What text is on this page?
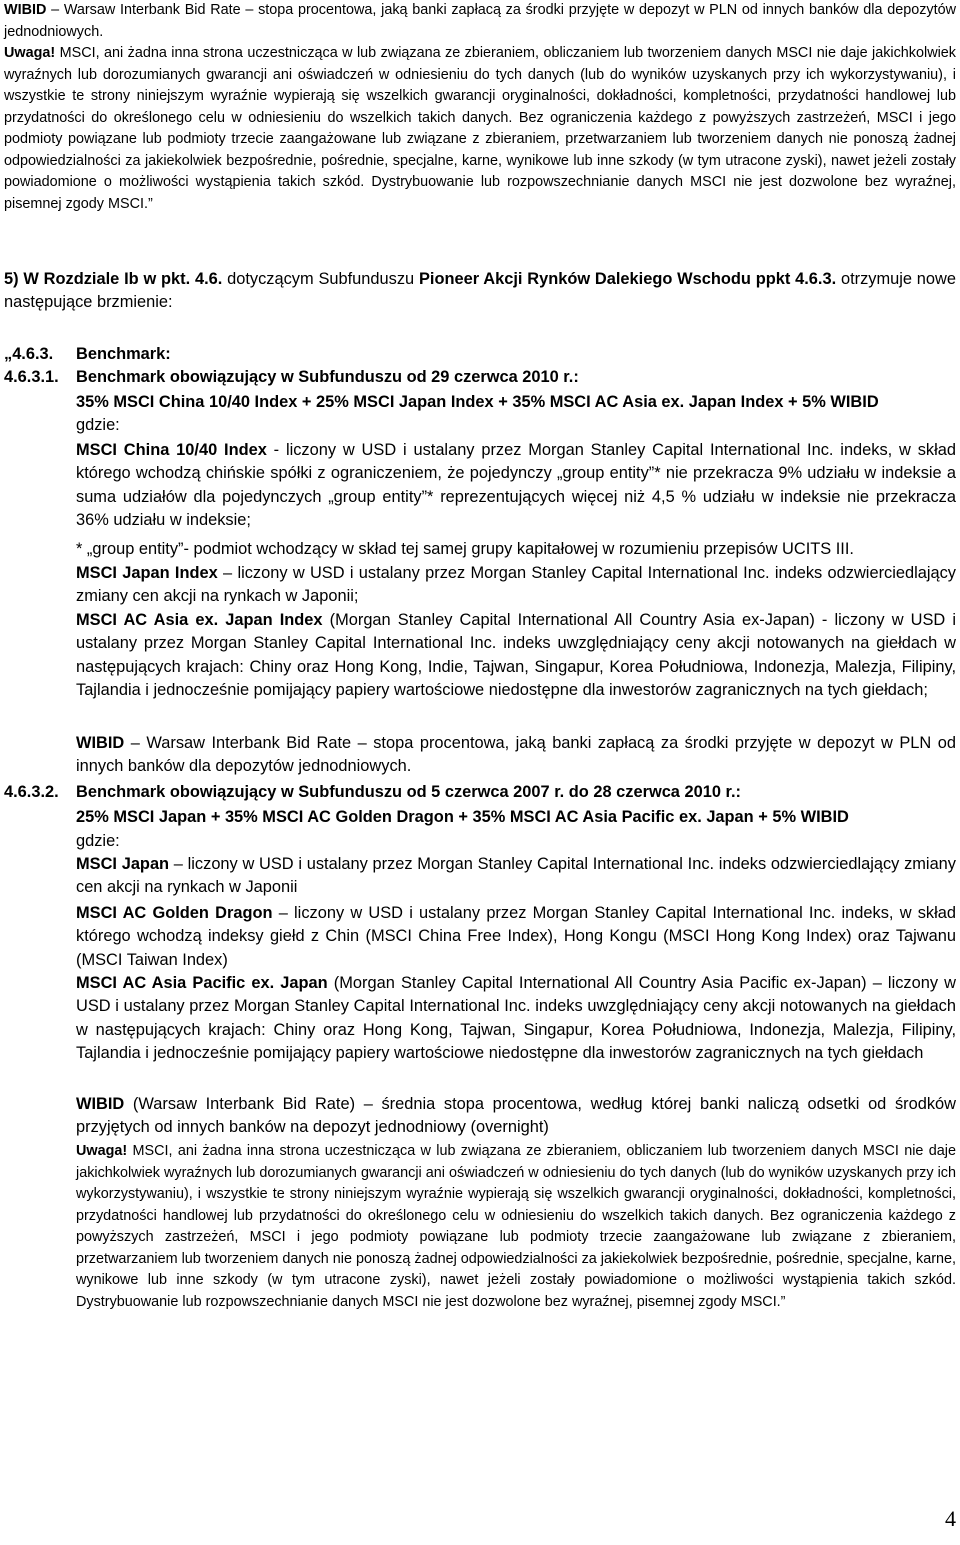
WIBID – Warsaw Interbank Bid Rate – stopa procentowa, jaką banki zapłacą za środki przyjęte w depozyt w PLN od innych banków dla depozytów jednodniowych.
Uwaga! MSCI, ani żadna inna strona uczestnicząca w lub związana ze zbieraniem, obliczaniem lub tworzeniem danych MSCI nie daje jakichkolwiek wyraźnych lub dorozumianych gwarancji ani oświadczeń w odniesieniu do tych danych (lub do wyników uzyskanych przy ich wykorzystywaniu), i wszystkie te strony niniejszym wyraźnie wypierają się wszelkich gwarancji oryginalności, dokładności, kompletności, przydatności handlowej lub przydatności do określonego celu w odniesieniu do wszelkich takich danych. Bez ograniczenia każdego z powyższych zastrzeżeń, MSCI i jego podmioty powiązane lub podmioty trzecie zaangażowane lub związane z zbieraniem, przetwarzaniem lub tworzeniem danych nie ponoszą żadnej odpowiedzialności za jakiekolwiek bezpośrednie, pośrednie, specjalne, karne, wynikowe lub inne szkody (w tym utracone zyski), nawet jeżeli zostały powiadomione o możliwości wystąpienia takich szkód. Dystrybuowanie lub rozpowszechnianie danych MSCI nie jest dozwolone bez wyraźnej, pisemnej zgody MSCI.”
5) W Rozdziale Ib w pkt. 4.6. dotyczącym Subfunduszu Pioneer Akcji Rynków Dalekiego Wschodu ppkt 4.6.3. otrzymuje nowe następujące brzmienie:
„4.6.3. Benchmark:
4.6.3.1. Benchmark obowiązujący w Subfunduszu od 29 czerwca 2010 r.:
35% MSCI China 10/40 Index + 25% MSCI Japan Index + 35% MSCI AC Asia ex. Japan Index + 5% WIBID
gdzie:
MSCI China 10/40 Index - liczony w USD i ustalany przez Morgan Stanley Capital International Inc. indeks, w skład którego wchodzą chińskie spółki z ograniczeniem, że pojedynczy „group entity”* nie przekracza 9% udziału w indeksie a suma udziałów dla pojedynczych „group entity”* reprezentujących więcej niż 4,5 % udziału w indeksie nie przekracza 36% udziału w indeksie;
* „group entity”- podmiot wchodzący w skład tej samej grupy kapitałowej w rozumieniu przepisów UCITS III.
MSCI Japan Index – liczony w USD i ustalany przez Morgan Stanley Capital International Inc. indeks odzwierciedlający zmiany cen akcji na rynkach w Japonii;
MSCI AC Asia ex. Japan Index (Morgan Stanley Capital International All Country Asia ex-Japan) - liczony w USD i ustalany przez Morgan Stanley Capital International Inc. indeks uwzględniający ceny akcji notowanych na giełdach w następujących krajach: Chiny oraz Hong Kong, Indie, Tajwan, Singapur, Korea Południowa, Indonezja, Malezja, Filipiny, Tajlandia i jednocześnie pomijający papiery wartościowe niedostępne dla inwestorów zagranicznych na tych giełdach;
WIBID – Warsaw Interbank Bid Rate – stopa procentowa, jaką banki zapłacą za środki przyjęte w depozyt w PLN od innych banków dla depozytów jednodniowych.
4.6.3.2. Benchmark obowiązujący w Subfunduszu od 5 czerwca 2007 r. do 28 czerwca 2010 r.:
25% MSCI Japan + 35% MSCI AC Golden Dragon + 35% MSCI AC Asia Pacific ex. Japan + 5% WIBID
gdzie:
MSCI Japan – liczony w USD i ustalany przez Morgan Stanley Capital International Inc. indeks odzwierciedlający zmiany cen akcji na rynkach w Japonii
MSCI AC Golden Dragon – liczony w USD i ustalany przez Morgan Stanley Capital International Inc. indeks, w skład którego wchodzą indeksy giełd z Chin (MSCI China Free Index), Hong Kongu (MSCI Hong Kong Index) oraz Tajwanu (MSCI Taiwan Index)
MSCI AC Asia Pacific ex. Japan (Morgan Stanley Capital International All Country Asia Pacific ex-Japan) – liczony w USD i ustalany przez Morgan Stanley Capital International Inc. indeks uwzględniający ceny akcji notowanych na giełdach w następujących krajach: Chiny oraz Hong Kong, Tajwan, Singapur, Korea Południowa, Indonezja, Malezja, Filipiny, Tajlandia i jednocześnie pomijający papiery wartościowe niedostępne dla inwestorów zagranicznych na tych giełdach
WIBID (Warsaw Interbank Bid Rate) – średnia stopa procentowa, według której banki naliczą odsetki od środków przyjętych od innych banków na depozyt jednodniowy (overnight)
Uwaga! MSCI, ani żadna inna strona uczestnicząca w lub związana ze zbieraniem, obliczaniem lub tworzeniem danych MSCI nie daje jakichkolwiek wyraźnych lub dorozumianych gwarancji ani oświadczeń w odniesieniu do tych danych (lub do wyników uzyskanych przy ich wykorzystywaniu), i wszystkie te strony niniejszym wyraźnie wypierają się wszelkich gwarancji oryginalności, dokładności, kompletności, przydatności handlowej lub przydatności do określonego celu w odniesieniu do wszelkich takich danych. Bez ograniczenia każdego z powyższych zastrzeżeń, MSCI i jego podmioty powiązane lub podmioty trzecie zaangażowane lub związane z zbieraniem, przetwarzaniem lub tworzeniem danych nie ponoszą żadnej odpowiedzialności za jakiekolwiek bezpośrednie, pośrednie, specjalne, karne, wynikowe lub inne szkody (w tym utracone zyski), nawet jeżeli zostały powiadomione o możliwości wystąpienia takich szkód. Dystrybuowanie lub rozpowszechnianie danych MSCI nie jest dozwolone bez wyraźnej, pisemnej zgody MSCI.”
4
